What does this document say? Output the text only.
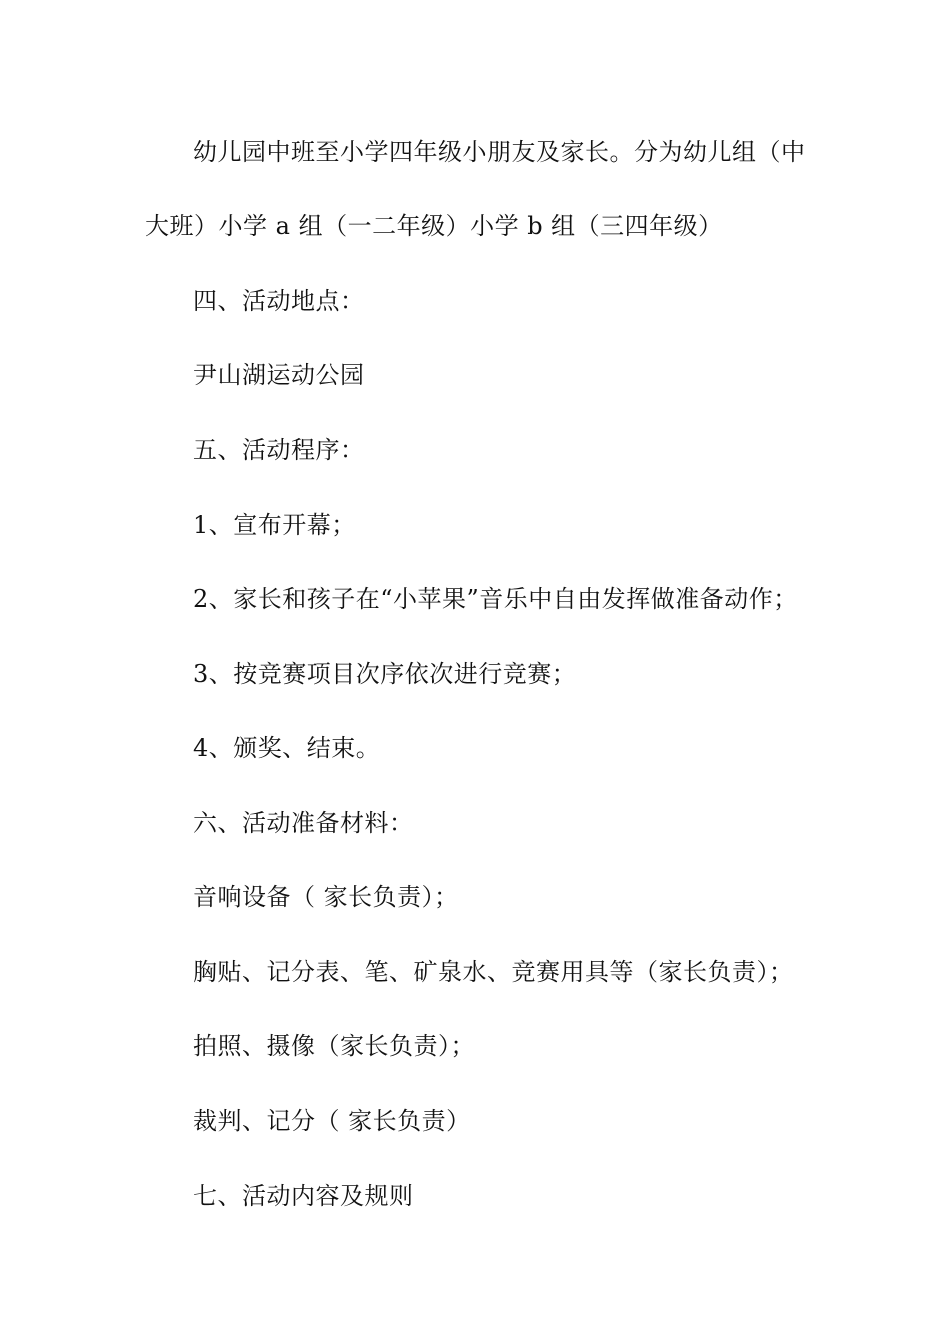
幼儿园中班至小学四年级小朋友及家长。分为幼儿组（中
大班）小学 a 组（一二年级）小学 b 组（三四年级）
四、活动地点：
尹山湖运动公园
五、活动程序：
1、宣布开幕；
2、家长和孩子在“小苹果”音乐中自由发挥做准备动作；
3、按竞赛项目次序依次进行竞赛；
4、颁奖、结束。
六、活动准备材料：
音响设备（ 家长负责）；
胸贴、记分表、笔、矿泉水、竞赛用具等（家长负责）；
拍照、摄像（家长负责）；
裁判、记分（ 家长负责）
七、活动内容及规则
